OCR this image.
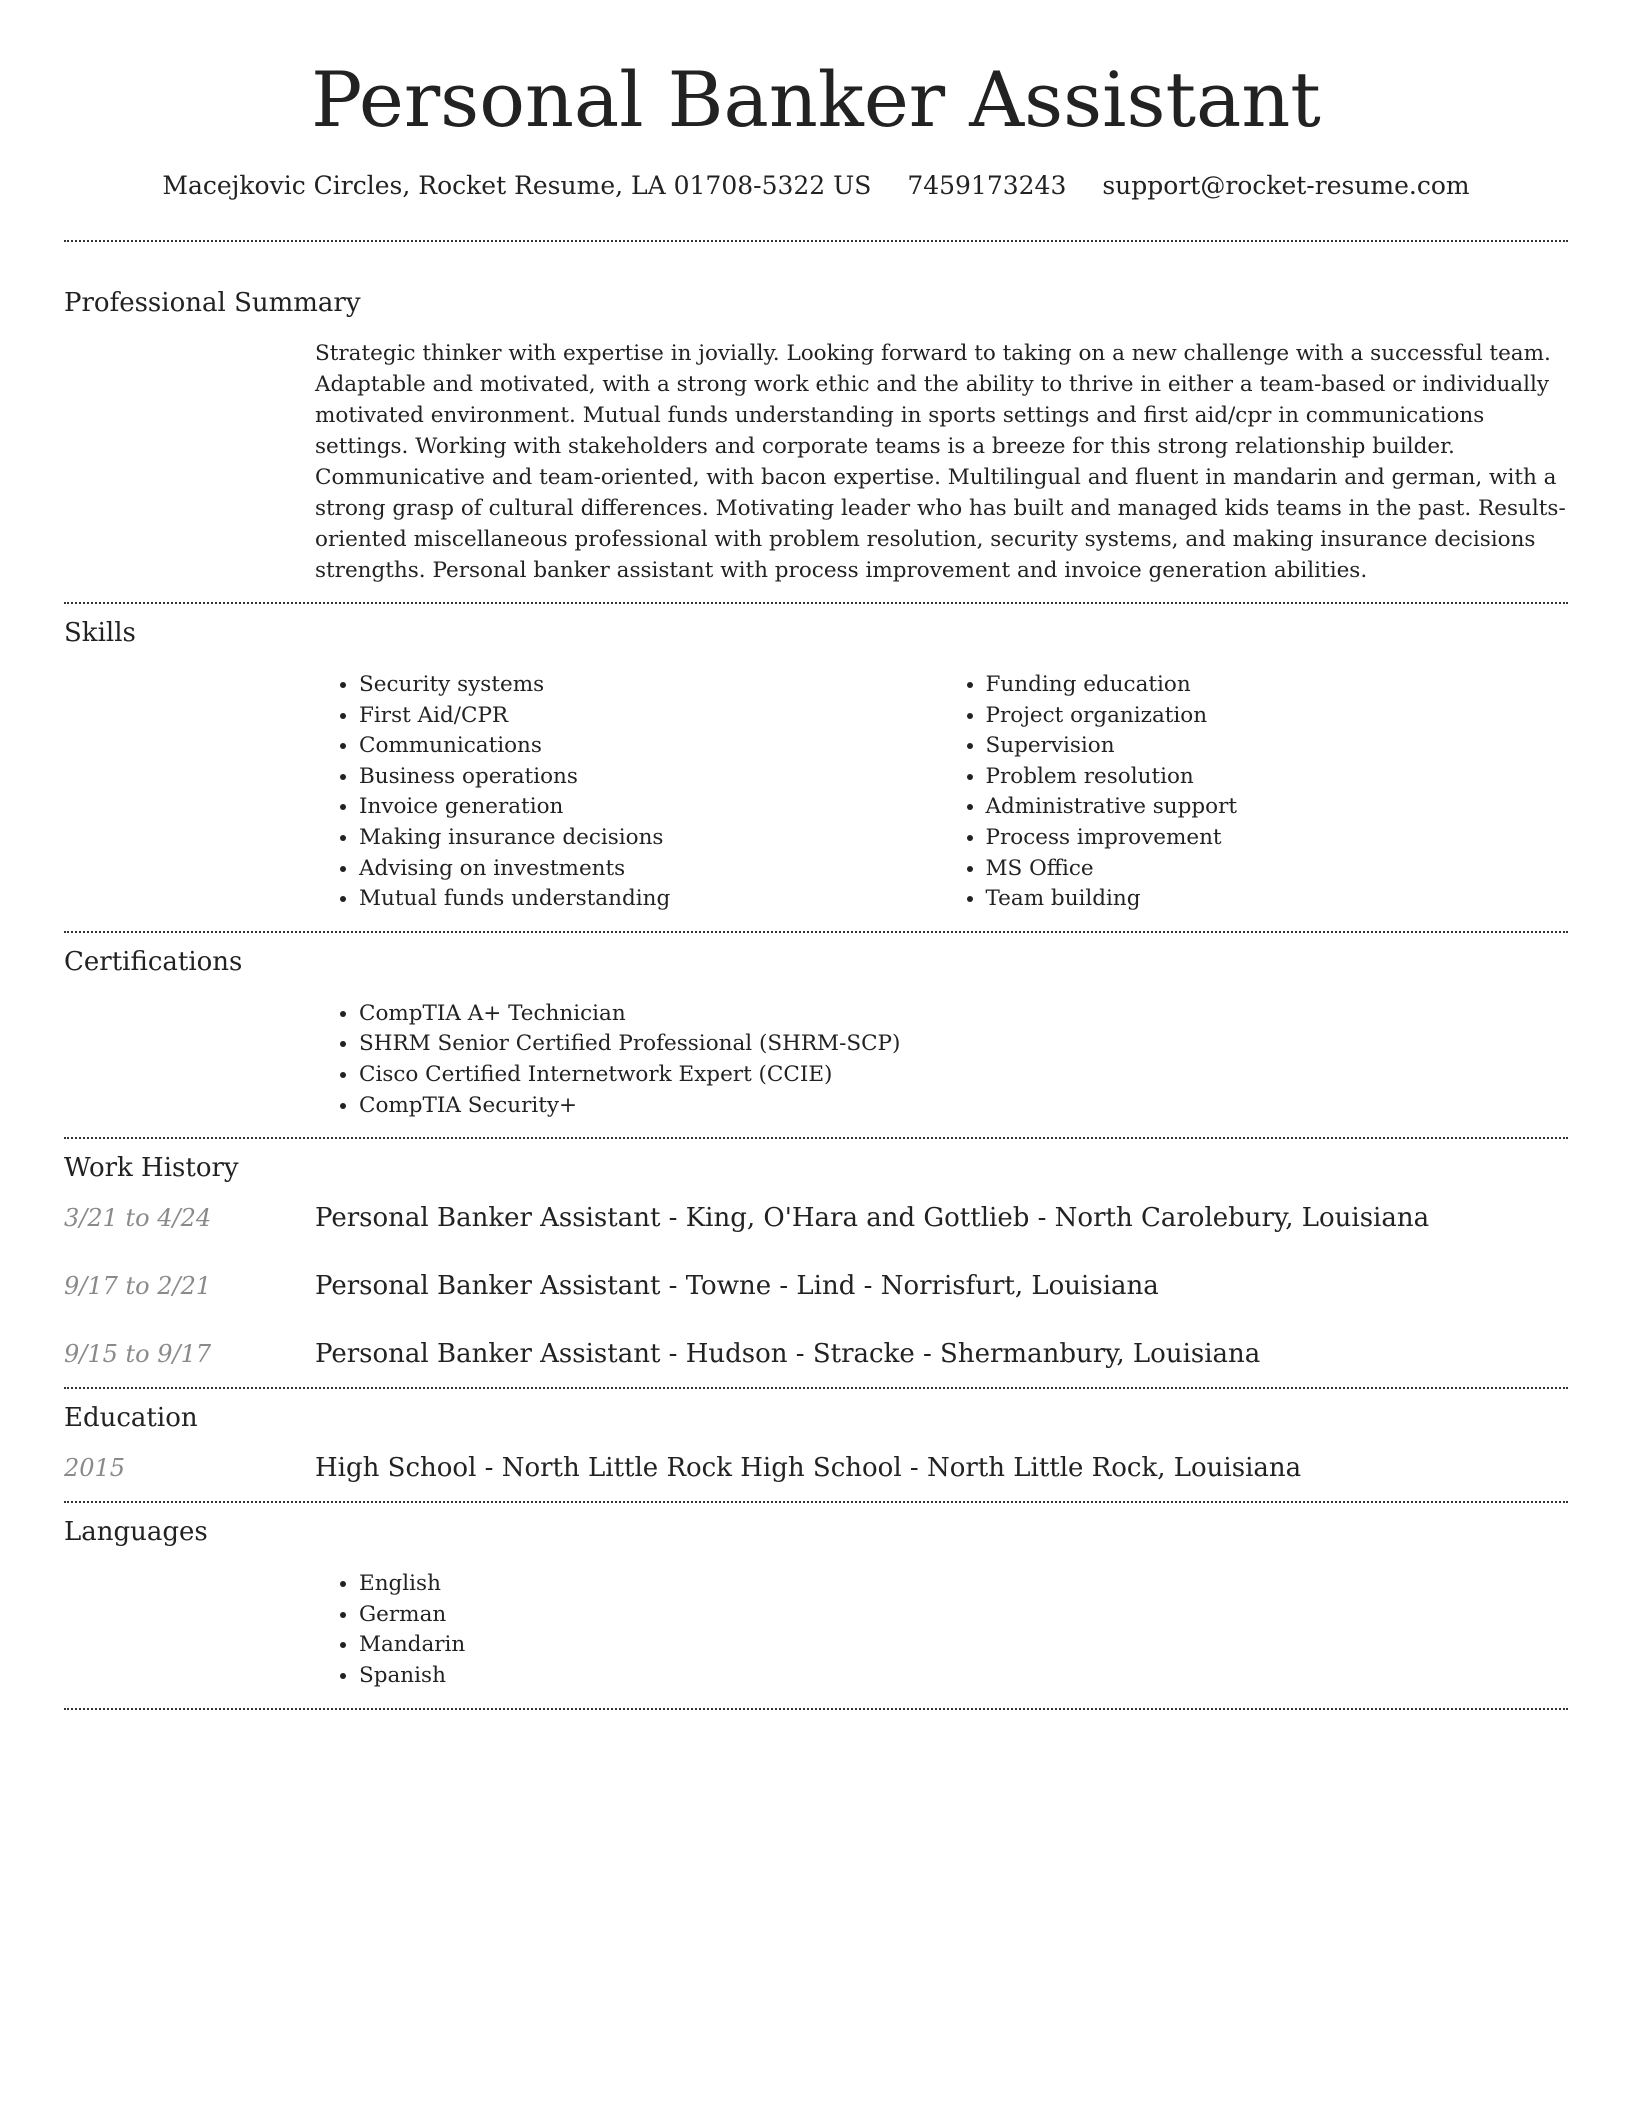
Personal Banker Assistant
Macejkovic Circles, Rocket Resume, LA 01708-5322 US 7459173243 support@rocket-resume.com
Professional Summary

Strategic thinker with expertise in jovially. Looking forward to taking on a new challenge with a successful team. Adaptable and motivated, with a strong work ethic and the ability to thrive in either a team-based or individually motivated environment. Mutual funds understanding in sports settings and first aid/cpr in communications settings. Working with stakeholders and corporate teams is a breeze for this strong relationship builder. Communicative and team-oriented, with bacon expertise. Multilingual and fluent in mandarin and german, with a strong grasp of cultural differences. Motivating leader who has built and managed kids teams in the past. Results-oriented miscellaneous professional with problem resolution, security systems, and making insurance decisions strengths. Personal banker assistant with process improvement and invoice generation abilities.

Skills
• Security systems
• First Aid/CPR
• Communications
• Business operations
• Invoice generation
• Making insurance decisions
• Advising on investments
• Mutual funds understanding
• Funding education
• Project organization
• Supervision
• Problem resolution
• Administrative support
• Process improvement
• MS Office
• Team building
Certifications
• CompTIA A+ Technician
• SHRM Senior Certified Professional (SHRM-SCP)
• Cisco Certified Internetwork Expert (CCIE)
• CompTIA Security+
Work History
3/21 to 4/24	Personal Banker Assistant - King, O'Hara and Gottlieb - North Carolebury, Louisiana
9/17 to 2/21	Personal Banker Assistant - Towne - Lind - Norrisfurt, Louisiana
9/15 to 9/17	Personal Banker Assistant - Hudson - Stracke - Shermanbury, Louisiana
Education
2015	High School - North Little Rock High School - North Little Rock, Louisiana
Languages
• English
• German
• Mandarin
• Spanish
